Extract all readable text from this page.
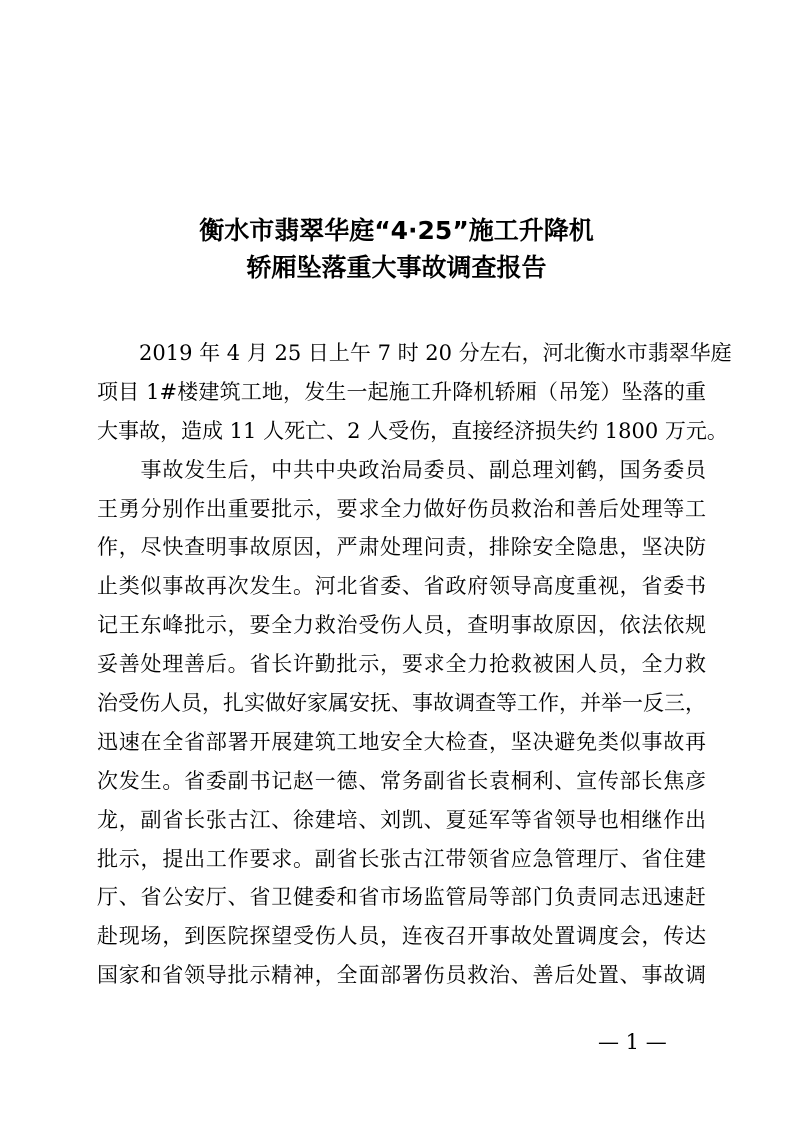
衡水市翡翠华庭“4·25”施工升降机
轿厢坠落重大事故调查报告
　　2019 年 4 月 25 日上午 7 时 20 分左右，河北衡水市翡翠华庭
项目 1#楼建筑工地，发生一起施工升降机轿厢（吊笼）坠落的重
大事故，造成 11 人死亡、2 人受伤，直接经济损失约 1800 万元。
　　事故发生后，中共中央政治局委员、副总理刘鹤，国务委员
王勇分别作出重要批示，要求全力做好伤员救治和善后处理等工
作，尽快查明事故原因，严肃处理问责，排除安全隐患，坚决防
止类似事故再次发生。河北省委、省政府领导高度重视，省委书
记王东峰批示，要全力救治受伤人员，查明事故原因，依法依规
妥善处理善后。省长许勤批示，要求全力抢救被困人员，全力救
治受伤人员，扎实做好家属安抚、事故调查等工作，并举一反三，
迅速在全省部署开展建筑工地安全大检查，坚决避免类似事故再
次发生。省委副书记赵一德、常务副省长袁桐利、宣传部长焦彦
龙，副省长张古江、徐建培、刘凯、夏延军等省领导也相继作出
批示，提出工作要求。副省长张古江带领省应急管理厅、省住建
厅、省公安厅、省卫健委和省市场监管局等部门负责同志迅速赶
赴现场，到医院探望受伤人员，连夜召开事故处置调度会，传达
国家和省领导批示精神，全面部署伤员救治、善后处置、事故调
— 1 —
